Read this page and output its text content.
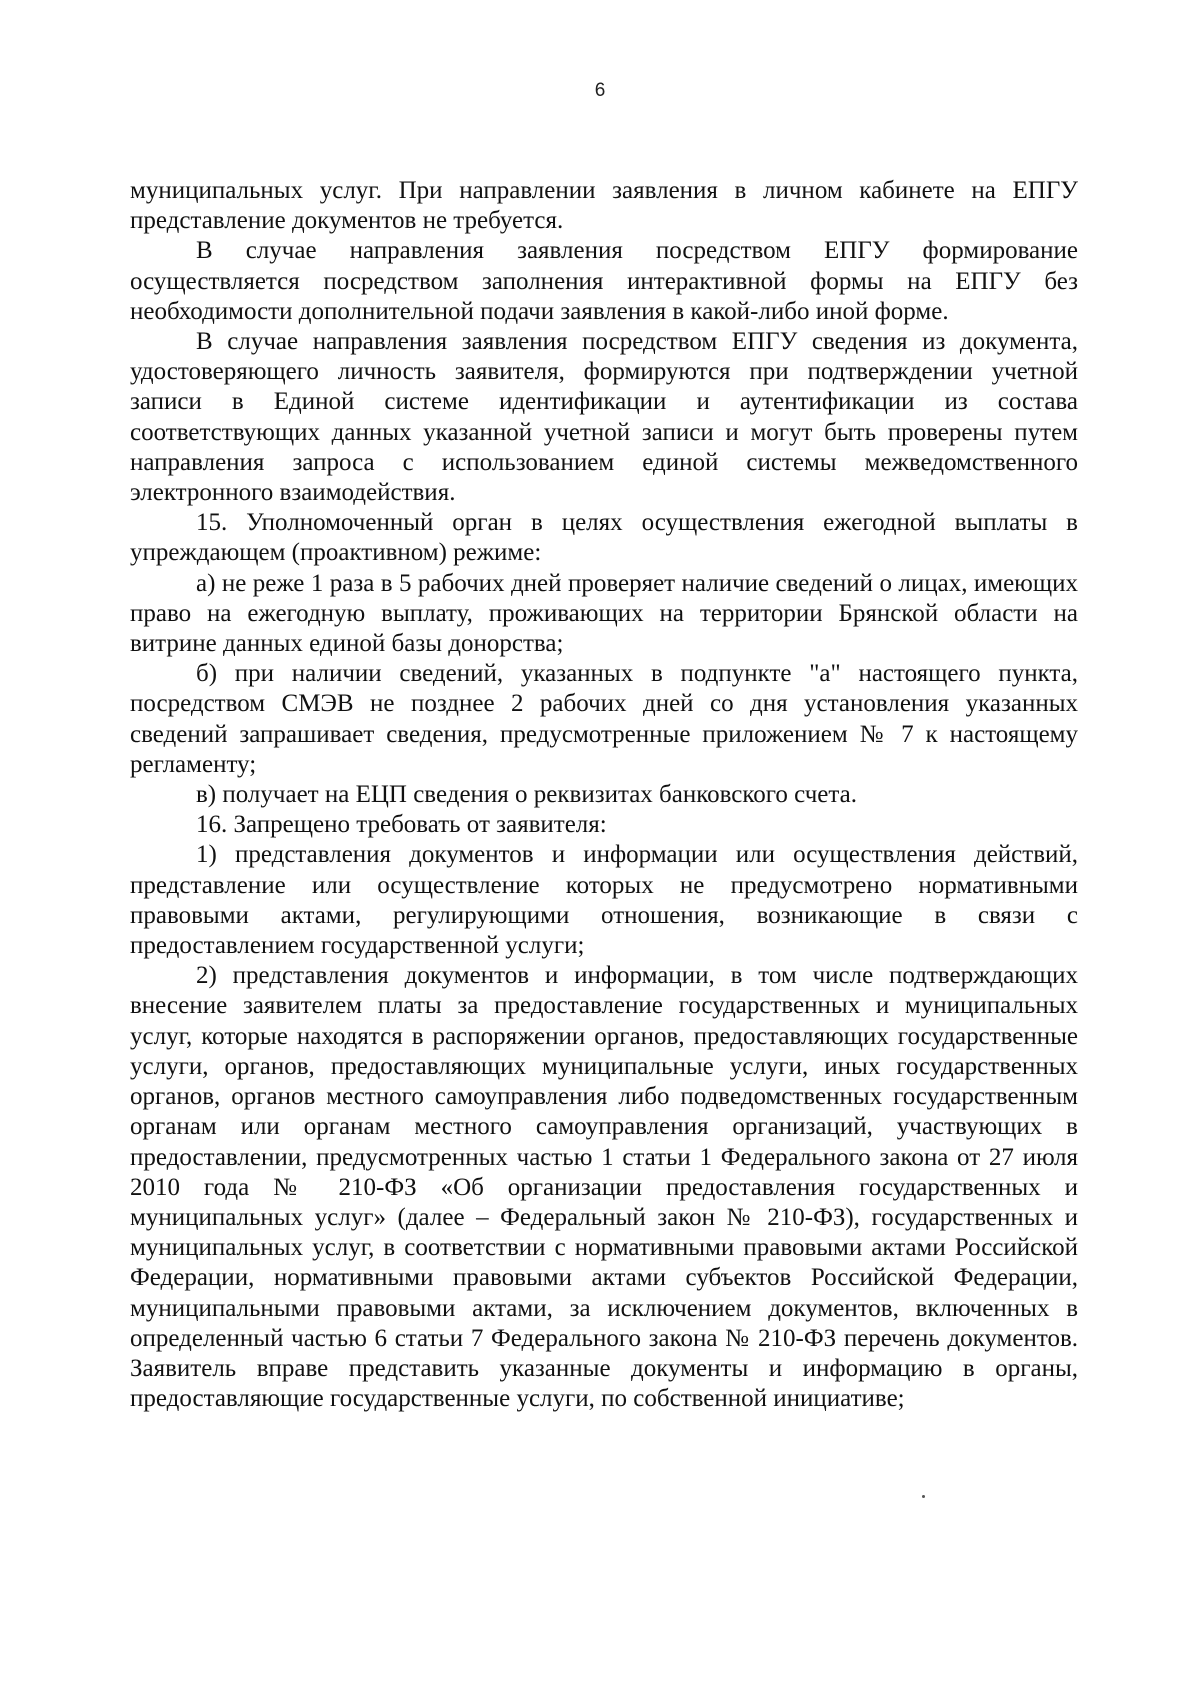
6

муниципальных услуг. При направлении заявления в личном кабинете на ЕПГУ представление документов не требуется.

В случае направления заявления посредством ЕПГУ формирование осуществляется посредством заполнения интерактивной формы на ЕПГУ без необходимости дополнительной подачи заявления в какой-либо иной форме.

В случае направления заявления посредством ЕПГУ сведения из документа, удостоверяющего личность заявителя, формируются при подтверждении учетной записи в Единой системе идентификации и аутентификации из состава соответствующих данных указанной учетной записи и могут быть проверены путем направления запроса с использованием единой системы межведомственного электронного взаимодействия.

15. Уполномоченный орган в целях осуществления ежегодной выплаты в упреждающем (проактивном) режиме:

а) не реже 1 раза в 5 рабочих дней проверяет наличие сведений о лицах, имеющих право на ежегодную выплату, проживающих на территории Брянской области на витрине данных единой базы донорства;

б) при наличии сведений, указанных в подпункте "а" настоящего пункта, посредством СМЭВ не позднее 2 рабочих дней со дня установления указанных сведений запрашивает сведения, предусмотренные приложением № 7 к настоящему регламенту;

в) получает на ЕЦП сведения о реквизитах банковского счета.

16. Запрещено требовать от заявителя:

1) представления документов и информации или осуществления действий, представление или осуществление которых не предусмотрено нормативными правовыми актами, регулирующими отношения, возникающие в связи с предоставлением государственной услуги;

2) представления документов и информации, в том числе подтверждающих внесение заявителем платы за предоставление государственных и муниципальных услуг, которые находятся в распоряжении органов, предоставляющих государственные услуги, органов, предоставляющих муниципальные услуги, иных государственных органов, органов местного самоуправления либо подведомственных государственным органам или органам местного самоуправления организаций, участвующих в предоставлении, предусмотренных частью 1 статьи 1 Федерального закона от 27 июля 2010 года № 210-ФЗ «Об организации предоставления государственных и муниципальных услуг» (далее – Федеральный закон № 210-ФЗ), государственных и муниципальных услуг, в соответствии с нормативными правовыми актами Российской Федерации, нормативными правовыми актами субъектов Российской Федерации, муниципальными правовыми актами, за исключением документов, включенных в определенный частью 6 статьи 7 Федерального закона № 210-ФЗ перечень документов. Заявитель вправе представить указанные документы и информацию в органы, предоставляющие государственные услуги, по собственной инициативе;
